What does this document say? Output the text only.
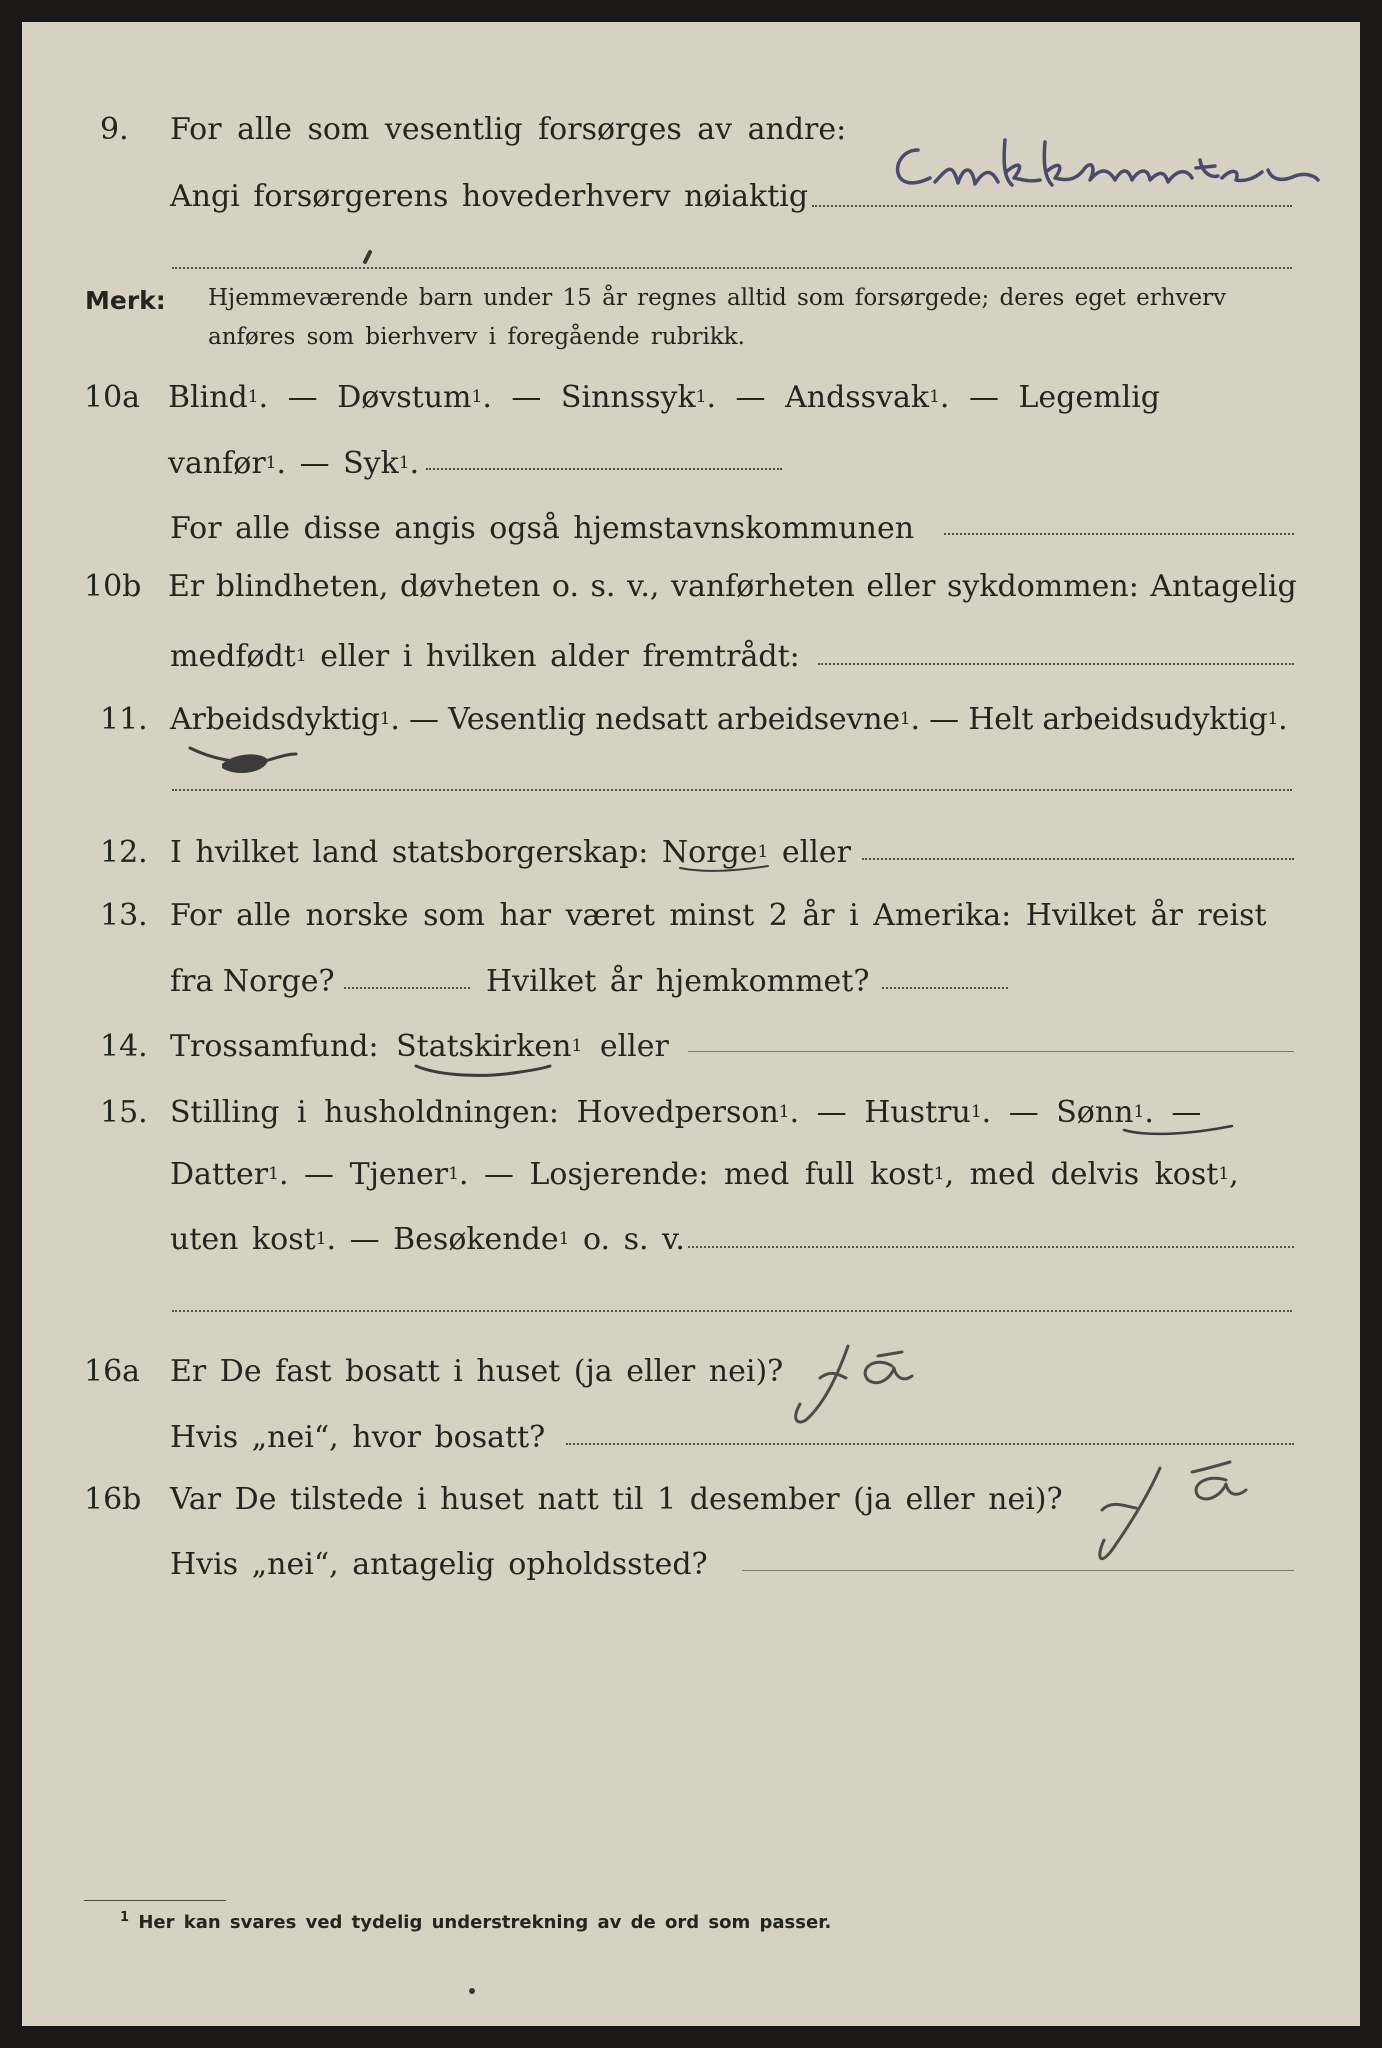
9. For alle som vesentlig forsørges av andre:
Angi forsørgerens hovederhverv nøiaktig
Merk: Hjemmeværende barn under 15 år regnes alltid som forsørgede; deres eget erhverv
anføres som bierhverv i foregående rubrikk.
10a Blind$^1$. — Døvstum$^1$. — Sinnssyk$^1$. — Andssvak$^1$. — Legemlig
vanfør$^1$. — Syk$^1$.
For alle disse angis også hjemstavnskommunen
10b Er blindheten, døvheten o. s. v., vanførheten eller sykdommen: Antagelig
medfødt$^1$ eller i hvilken alder fremtrådt:
11. Arbeidsdyktig$^1$. — Vesentlig nedsatt arbeidsevne$^1$. — Helt arbeidsudyktig$^1$.
12. I hvilket land statsborgerskap: Norge$^1$ eller
13. For alle norske som har været minst 2 år i Amerika: Hvilket år reist
fra Norge?	Hvilket år hjemkommet?
14. Trossamfund: Statskirken$^1$ eller
15. Stilling i husholdningen: Hovedperson$^1$. — Hustru$^1$. — Sønn$^1$. —
Datter$^1$. — Tjener$^1$. — Losjerende: med full kost$^1$, med delvis kost$^1$,
uten kost$^1$. — Besøkende$^1$ o. s. v.
16a Er De fast bosatt i huset (ja eller nei)?
Hvis „nei“, hvor bosatt?
16b Var De tilstede i huset natt til 1 desember (ja eller nei)?
Hvis „nei“, antagelig opholdssted?
$^1$ Her kan svares ved tydelig understrekning av de ord som passer.
